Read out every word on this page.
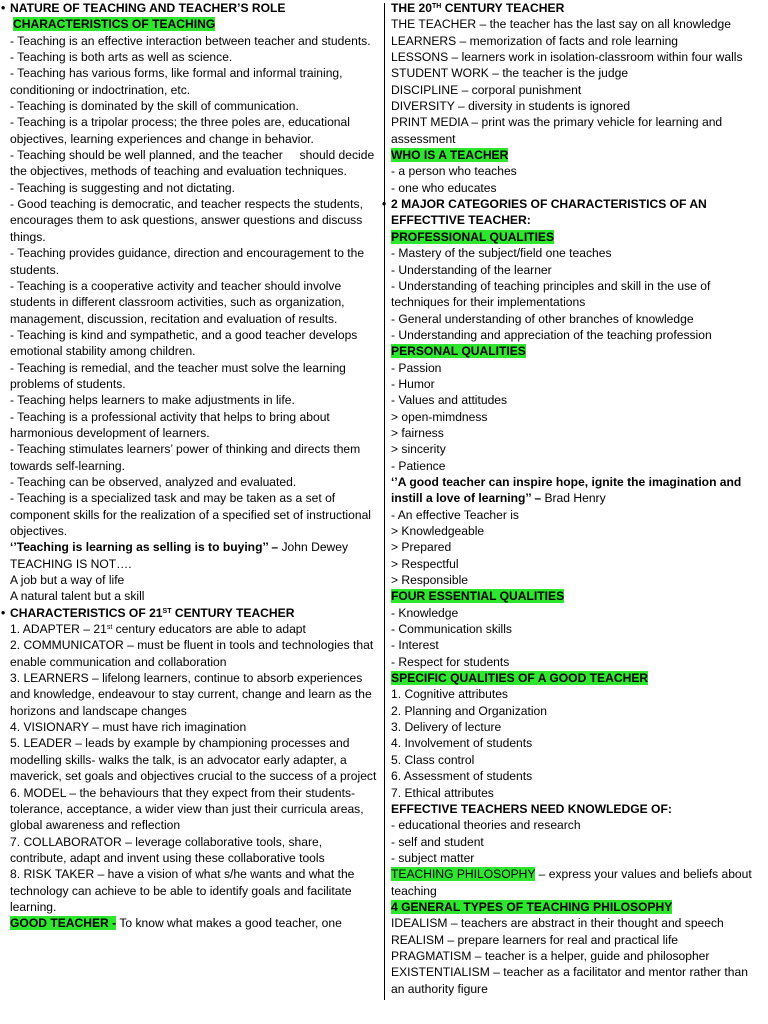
• NATURE OF TEACHING AND TEACHER’S ROLE

CHARACTERISTICS OF TEACHING

- Teaching is an effective interaction between teacher and students.

- Teaching is both arts as well as science.

- Teaching has various forms, like formal and informal training, conditioning or indoctrination, etc.

- Teaching is dominated by the skill of communication.

- Teaching is a tripolar process; the three poles are, educational objectives, learning experiences and change in behavior.

- Teaching should be well planned, and the teacher     should decide the objectives, methods of teaching and evaluation techniques.

- Teaching is suggesting and not dictating.

- Good teaching is democratic, and teacher respects the students, encourages them to ask questions, answer questions and discuss things.

- Teaching provides guidance, direction and encouragement to the students.

- Teaching is a cooperative activity and teacher should involve students in different classroom activities, such as organization, management, discussion, recitation and evaluation of results.

- Teaching is kind and sympathetic, and a good teacher develops emotional stability among children.

- Teaching is remedial, and the teacher must solve the learning problems of students.

- Teaching helps learners to make adjustments in life.

- Teaching is a professional activity that helps to bring about harmonious development of learners.

- Teaching stimulates learners’ power of thinking and directs them towards self-learning.

- Teaching can be observed, analyzed and evaluated.

- Teaching is a specialized task and may be taken as a set of component skills for the realization of a specified set of instructional objectives.

‘’Teaching is learning as selling is to buying’’ – John Dewey

TEACHING IS NOT….

A job but a way of life

A natural talent but a skill

• CHARACTERISTICS OF 21ST CENTURY TEACHER

1. ADAPTER – 21st century educators are able to adapt

2. COMMUNICATOR – must be fluent in tools and technologies that enable communication and collaboration

3. LEARNERS – lifelong learners, continue to absorb experiences and knowledge, endeavour to stay current, change and learn as the horizons and landscape changes

4. VISIONARY – must have rich imagination

5. LEADER – leads by example by championing processes and modelling skills- walks the talk, is an advocator early adapter, a maverick, set goals and objectives crucial to the success of a project

6. MODEL – the behaviours that they expect from their students-tolerance, acceptance, a wider view than just their curricula areas, global awareness and reflection

7. COLLABORATOR – leverage collaborative tools, share, contribute, adapt and invent using these collaborative tools

8. RISK TAKER – have a vision of what s/he wants and what the technology can achieve to be able to identify goals and facilitate learning.

GOOD TEACHER - To know what makes a good teacher, one

THE 20TH CENTURY TEACHER

THE TEACHER – the teacher has the last say on all knowledge

LEARNERS – memorization of facts and role learning

LESSONS – learners work in isolation-classroom within four walls

STUDENT WORK – the teacher is the judge

DISCIPLINE – corporal punishment

DIVERSITY – diversity in students is ignored

PRINT MEDIA – print was the primary vehicle for learning and assessment

WHO IS A TEACHER

- a person who teaches

- one who educates

• 2 MAJOR CATEGORIES OF CHARACTERISTICS OF AN EFFECTTIVE TEACHER:

PROFESSIONAL QUALITIES

- Mastery of the subject/field one teaches

- Understanding of the learner

- Understanding of teaching principles and skill in the use of techniques for their implementations

- General understanding of other branches of knowledge

- Understanding and appreciation of the teaching profession

PERSONAL QUALITIES

- Passion

- Humor

- Values and attitudes

> open-mimdness

> fairness

> sincerity

- Patience

‘’A good teacher can inspire hope, ignite the imagination and instill a love of learning’’ – Brad Henry

- An effective Teacher is

> Knowledgeable

> Prepared

> Respectful

> Responsible

FOUR ESSENTIAL QUALITIES

- Knowledge

- Communication skills

- Interest

- Respect for students

SPECIFIC QUALITIES OF A GOOD TEACHER

1. Cognitive attributes

2. Planning and Organization

3. Delivery of lecture

4. Involvement of students

5. Class control

6. Assessment of students

7. Ethical attributes

EFFECTIVE TEACHERS NEED KNOWLEDGE OF:

- educational theories and research

- self and student

- subject matter

TEACHING PHILOSOPHY – express your values and beliefs about teaching

4 GENERAL TYPES OF TEACHING PHILOSOPHY

IDEALISM – teachers are abstract in their thought and speech

REALISM – prepare learners for real and practical life

PRAGMATISM – teacher is a helper, guide and philosopher

EXISTENTIALISM – teacher as a facilitator and mentor rather than an authority figure
